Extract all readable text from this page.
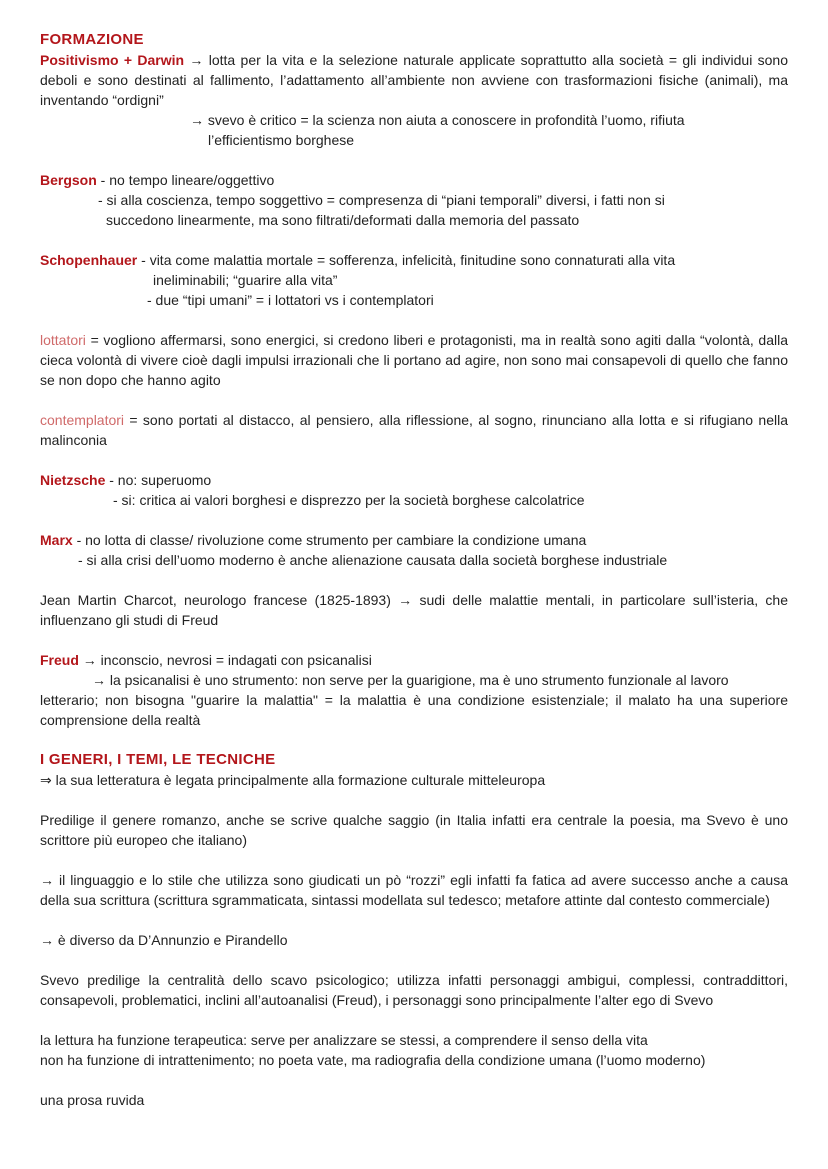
FORMAZIONE

Positivismo + Darwin → lotta per la vita e la selezione naturale applicate soprattutto alla società = gli individui sono deboli e sono destinati al fallimento, l’adattamento all’ambiente non avviene con trasformazioni fisiche (animali), ma inventando “ordigni”

→ svevo è critico = la scienza non aiuta a conoscere in profondità l’uomo, rifiuta

l’efficientismo borghese

Bergson - no tempo lineare/oggettivo

- si alla coscienza, tempo soggettivo = compresenza di “piani temporali” diversi, i fatti non si

succedono linearmente, ma sono filtrati/deformati dalla memoria del passato

Schopenhauer - vita come malattia mortale = sofferenza, infelicità, finitudine sono connaturati alla vita

ineliminabili; “guarire alla vita”

- due “tipi umani” = i lottatori vs i contemplatori

lottatori = vogliono affermarsi, sono energici, si credono liberi e protagonisti, ma in realtà sono agiti dalla “volontà, dalla cieca volontà di vivere cioè dagli impulsi irrazionali che li portano ad agire, non sono mai consapevoli di quello che fanno se non dopo che hanno agito

contemplatori = sono portati al distacco, al pensiero, alla riflessione, al sogno, rinunciano alla lotta e si rifugiano nella malinconia

Nietzsche - no: superuomo

- si: critica ai valori borghesi e disprezzo per la società borghese calcolatrice

Marx - no lotta di classe/ rivoluzione come strumento per cambiare la condizione umana

- si alla crisi dell’uomo moderno è anche alienazione causata dalla società borghese industriale

Jean Martin Charcot, neurologo francese (1825-1893) → sudi delle malattie mentali, in particolare sull’isteria, che influenzano gli studi di Freud

Freud → inconscio, nevrosi = indagati con psicanalisi

→ la psicanalisi è uno strumento: non serve per la guarigione, ma è uno strumento funzionale al lavoro

letterario; non bisogna "guarire la malattia" = la malattia è una condizione esistenziale; il malato ha una superiore comprensione della realtà

I GENERI, I TEMI, LE TECNICHE

⇒ la sua letteratura è legata principalmente alla formazione culturale mitteleuropa

Predilige il genere romanzo, anche se scrive qualche saggio (in Italia infatti era centrale la poesia, ma Svevo è uno scrittore più europeo che italiano)

→ il linguaggio e lo stile che utilizza sono giudicati un pò “rozzi” egli infatti fa fatica ad avere successo anche a causa della sua scrittura (scrittura sgrammaticata, sintassi modellata sul tedesco; metafore attinte dal contesto commerciale)

→ è diverso da D’Annunzio e Pirandello

Svevo predilige la centralità dello scavo psicologico; utilizza infatti personaggi ambigui, complessi, contraddittori, consapevoli, problematici, inclini all’autoanalisi (Freud), i personaggi sono principalmente l’alter ego di Svevo

la lettura ha funzione terapeutica: serve per analizzare se stessi, a comprendere il senso della vita

non ha funzione di intrattenimento; no poeta vate, ma radiografia della condizione umana (l’uomo moderno)

una prosa ruvida
